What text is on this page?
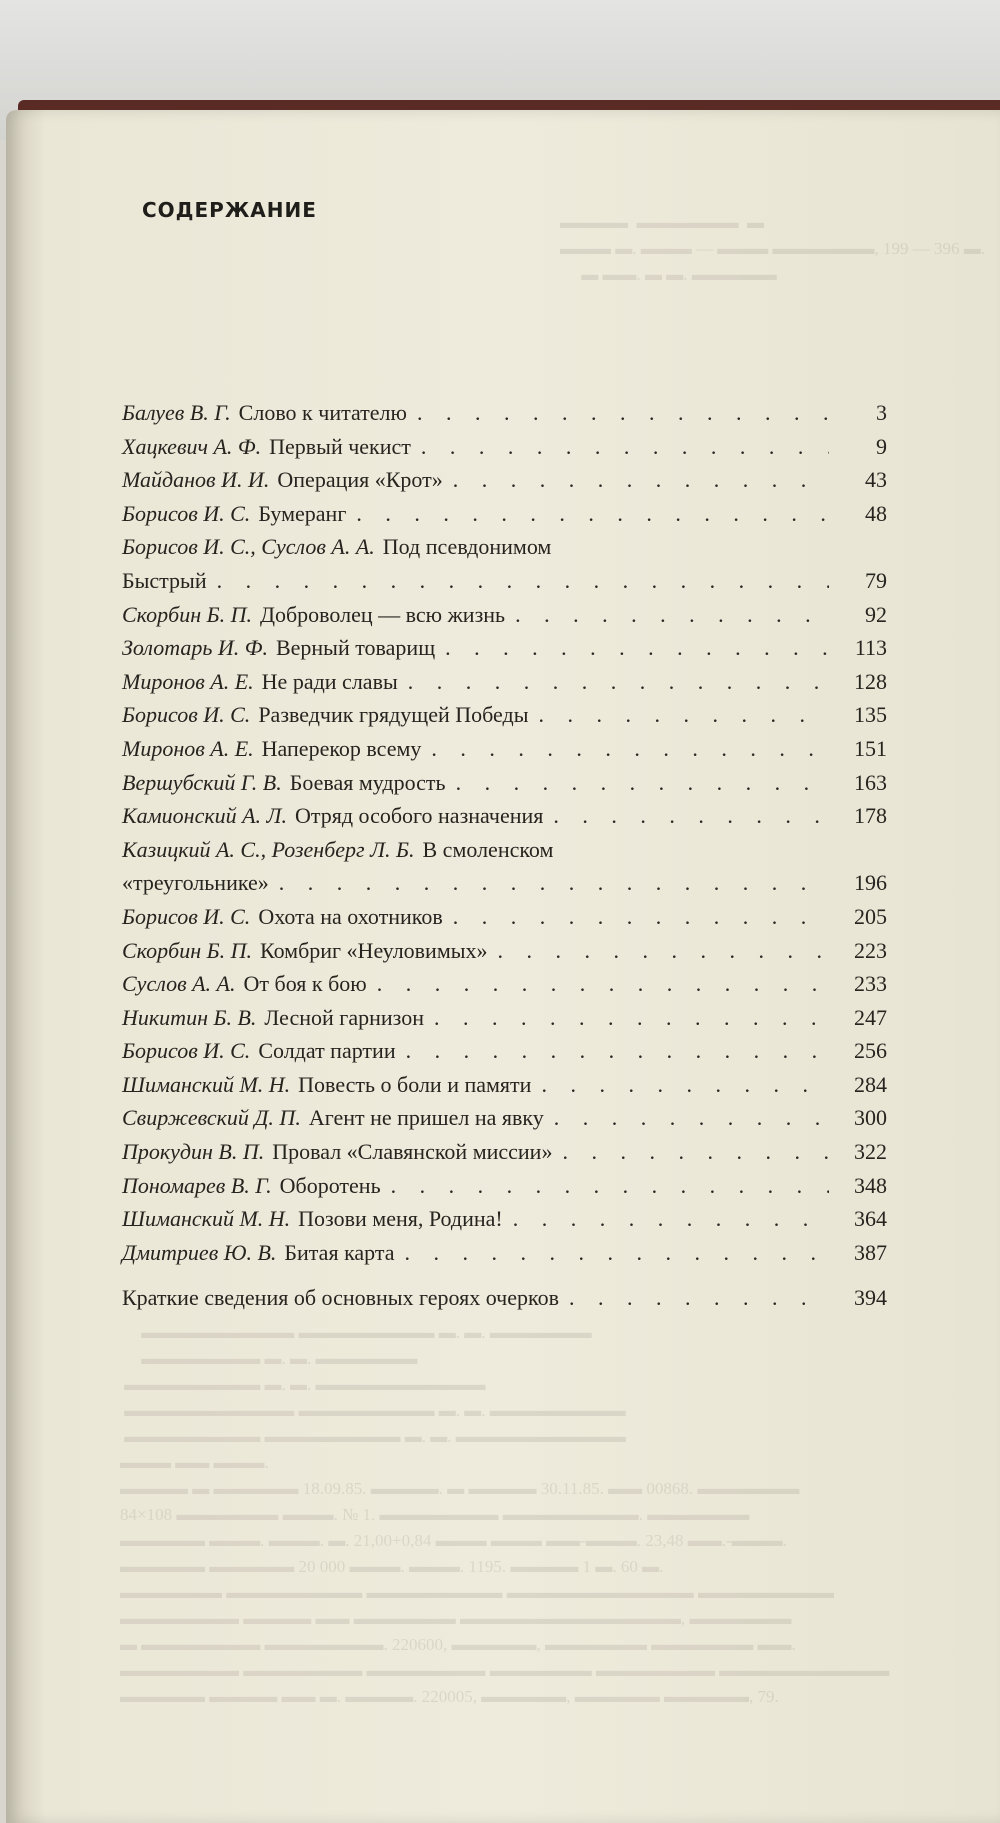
▬▬▬▬  ▬▬▬▬▬▬  ▬
▬▬▬ ▬. ▬▬▬ — ▬▬▬ ▬▬▬▬▬▬, 199 — 396 ▬.
▬ ▬▬. ▬ ▬. ▬▬▬▬▬
▬▬▬▬▬▬▬▬▬ ▬▬▬▬▬▬▬▬ ▬. ▬. ▬▬▬▬▬▬
▬▬▬▬▬▬▬ ▬. ▬. ▬▬▬▬▬▬
▬▬▬▬▬▬▬▬ ▬. ▬. ▬▬▬▬▬▬▬▬▬▬
▬▬▬▬▬▬▬▬▬▬ ▬▬▬▬▬▬▬▬ ▬. ▬. ▬▬▬▬▬▬▬▬
▬▬▬▬▬▬▬▬ ▬▬▬▬▬▬▬▬ ▬. ▬. ▬▬▬▬▬▬▬▬▬▬
▬▬▬ ▬▬ ▬▬▬.
▬▬▬▬ ▬ ▬▬▬▬▬ 18.09.85. ▬▬▬▬. ▬ ▬▬▬▬ 30.11.85. ▬▬ 00868. ▬▬▬▬▬▬
84×108 ▬▬▬▬▬▬ ▬▬▬. № 1. ▬▬▬▬▬▬▬ ▬▬▬▬▬▬▬▬. ▬▬▬▬▬▬
▬▬▬▬▬ ▬▬▬. ▬▬▬. ▬. 21,00+0,84 ▬▬▬ ▬▬▬ ▬▬-▬▬▬. 23,48 ▬▬.-▬▬▬.
▬▬▬▬▬ ▬▬▬▬▬ 20 000 ▬▬▬. ▬▬▬. 1195. ▬▬▬▬ 1 ▬. 60 ▬.
▬▬▬▬▬▬ ▬▬▬▬▬▬▬▬ ▬▬▬▬▬▬▬▬ ▬▬▬▬▬▬▬▬▬▬▬ ▬▬▬▬▬▬▬▬
▬▬▬▬▬▬▬ ▬▬▬▬ ▬▬ ▬▬▬▬▬▬ ▬▬▬▬▬▬▬▬▬▬▬▬▬, ▬▬▬▬▬▬
▬ ▬▬▬▬▬▬▬ ▬▬▬▬▬▬▬. 220600, ▬▬▬▬▬, ▬▬▬▬▬▬ ▬▬▬▬▬▬ ▬▬.
▬▬▬▬▬▬▬ ▬▬▬▬▬▬▬ ▬▬▬▬▬▬▬ ▬▬▬▬▬▬ ▬▬▬▬▬▬▬ ▬▬▬▬▬▬▬▬▬▬
▬▬▬▬▬ ▬▬▬▬ ▬▬ ▬. ▬▬▬▬. 220005, ▬▬▬▬▬, ▬▬▬▬▬ ▬▬▬▬▬, 79.
СОДЕРЖАНИЕ
Балуев В. Г. Слово к читателю . . .	3
Хацкевич А. Ф. Первый чекист . . .	9
Майданов И. И. Операция «Крот» . . .	43
Борисов И. С. Бумеранг . . .	48
Борисов И. С., Суслов А. А. Под псевдонимом
Быстрый . . .	79
Скорбин Б. П. Доброволец — всю жизнь . . .	92
Золотарь И. Ф. Верный товарищ . . .	113
Миронов А. Е. Не ради славы . . .	128
Борисов И. С. Разведчик грядущей Победы . . .	135
Миронов А. Е. Наперекор всему . . .	151
Вершубский Г. В. Боевая мудрость . . .	163
Камионский А. Л. Отряд особого назначения . . .	178
Казицкий А. С., Розенберг Л. Б. В смоленском
«треугольнике» . . .	196
Борисов И. С. Охота на охотников . . .	205
Скорбин Б. П. Комбриг «Неуловимых» . . .	223
Суслов А. А. От боя к бою . . .	233
Никитин Б. В. Лесной гарнизон . . .	247
Борисов И. С. Солдат партии . . .	256
Шиманский М. Н. Повесть о боли и памяти . . .	284
Свиржевский Д. П. Агент не пришел на явку . . .	300
Прокудин В. П. Провал «Славянской миссии» . . .	322
Пономарев В. Г. Оборотень . . .	348
Шиманский М. Н. Позови меня, Родина! . . .	364
Дмитриев Ю. В. Битая карта . . .	387
Краткие сведения об основных героях очерков . . .	394
